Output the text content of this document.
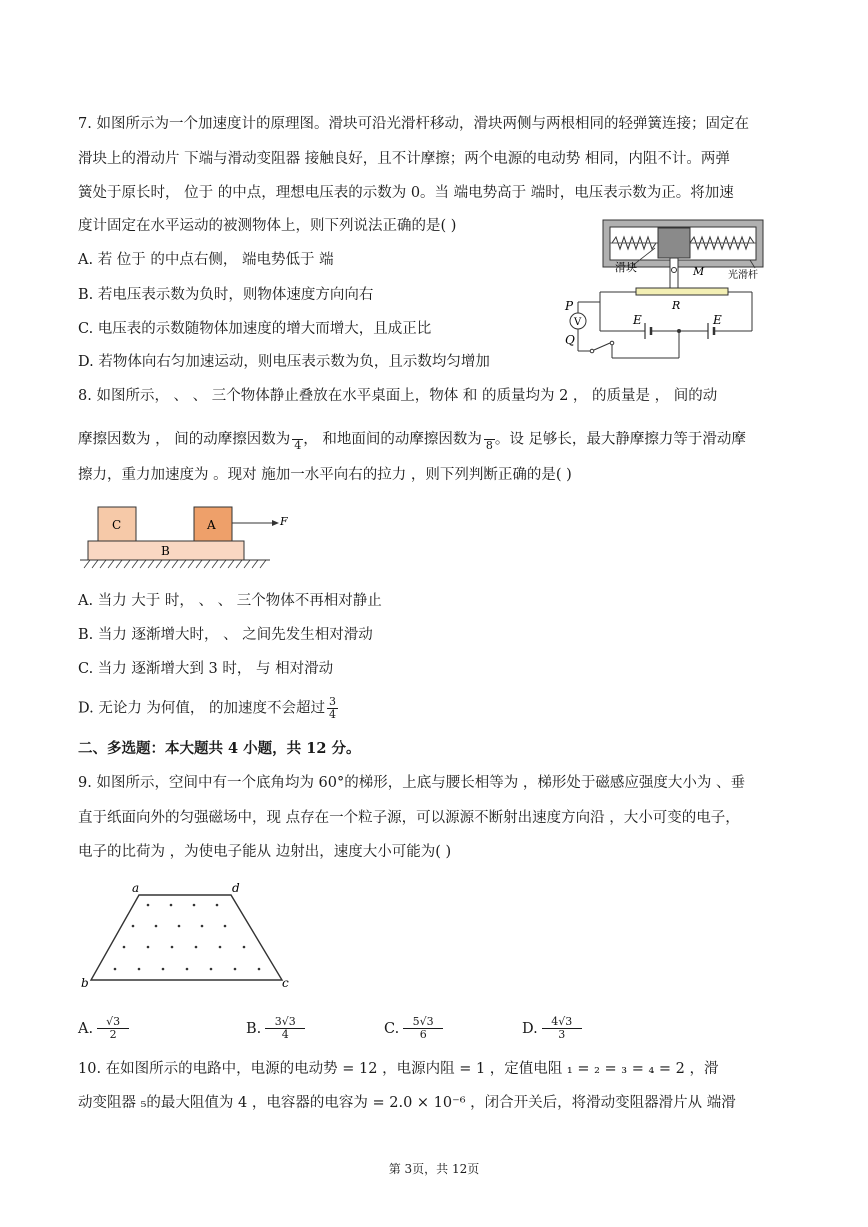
7. 如图所示为一个加速度计的原理图。滑块可沿光滑杆移动，滑块两侧与两根相同的轻弹簧连接；固定在
滑块上的滑动片 下端与滑动变阻器 接触良好，且不计摩擦；两个电源的电动势 相同，内阻不计。两弹
簧处于原长时， 位于 的中点，理想电压表的示数为 0。当 端电势高于 端时，电压表示数为正。将加速
度计固定在水平运动的被测物体上，则下列说法正确的是( )
A. 若 位于 的中点右侧， 端电势低于 端
B. 若电压表示数为负时，则物体速度方向向右
C. 电压表的示数随物体加速度的增大而增大，且成正比
D. 若物体向右匀加速运动，则电压表示数为负，且示数均匀增加
滑块	M 光滑杆
R
P
V
Q
E	E
8. 如图所示， 、 、 三个物体静止叠放在水平桌面上，物体 和 的质量均为 2 ， 的质量是 ， 间的动
摩擦因数为 ， 间的动摩擦因数为
4 ， 和地面间的动摩擦因数为
8 。设 足够长，最大静摩擦力等于滑动摩
擦力，重力加速度为 。现对 施加一水平向右的拉力 ，则下列判断正确的是( )
C	A	F
B
A. 当力 大于 时， 、 、 三个物体不再相对静止
B. 当力 逐渐增大时， 、 之间先发生相对滑动
C. 当力 逐渐增大到 3 时， 与 相对滑动
D. 无论力 为何值， 的加速度不会超过 $\frac{3}{4}$
二、多选题：本大题共 4 小题，共 12 分。
9. 如图所示，空间中有一个底角均为 60°的梯形，上底与腰长相等为 ，梯形处于磁感应强度大小为 、垂
直于纸面向外的匀强磁场中，现 点存在一个粒子源，可以源源不断射出速度方向沿 ，大小可变的电子，
电子的比荷为 ，为使电子能从 边射出，速度大小可能为( )
a	d
b	c
A. $\frac{√3}{2}$	B. $\frac{3√3}{4}$	C. $\frac{5√3}{6}$	D. $\frac{4√3}{3}$
10. 在如图所示的电路中，电源的电动势 = 12 ，电源内阻 = 1 ，定值电阻 ₁ = ₂ = ₃ = ₄ = 2 ，滑
动变阻器 ₅的最大阻值为 4 ，电容器的电容为 = 2.0 × 10⁻⁶ ，闭合开关后，将滑动变阻器滑片从 端滑
第 3页，共 12页
